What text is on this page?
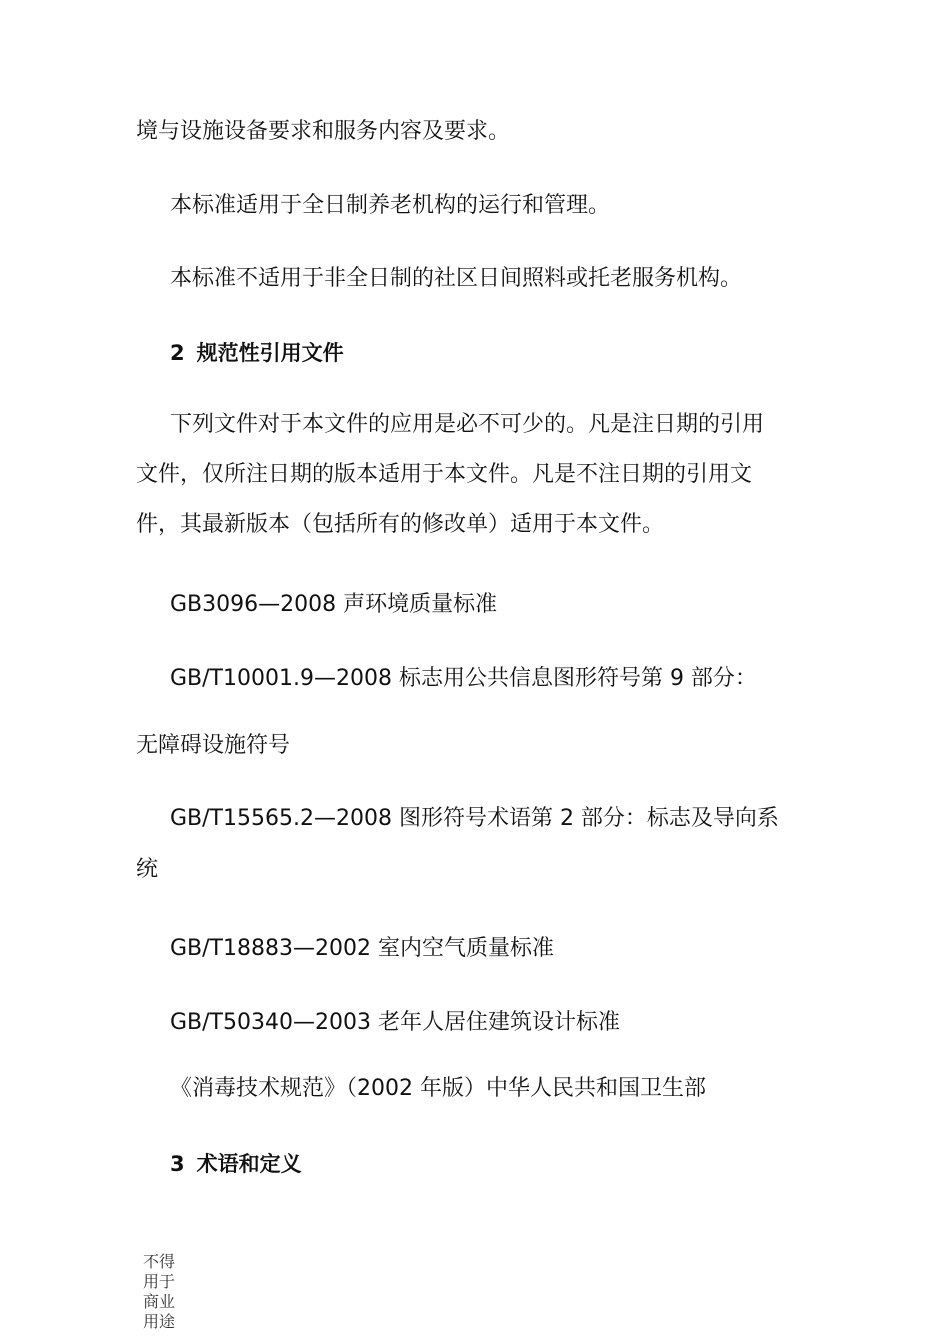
境与设施设备要求和服务内容及要求。

本标准适用于全日制养老机构的运行和管理。

本标准不适用于非全日制的社区日间照料或托老服务机构。

2 规范性引用文件

下列文件对于本文件的应用是必不可少的。凡是注日期的引用

文件，仅所注日期的版本适用于本文件。凡是不注日期的引用文

件，其最新版本（包括所有的修改单）适用于本文件。

GB3096—2008 声环境质量标准

GB/T10001.9—2008 标志用公共信息图形符号第 9 部分：

无障碍设施符号

GB/T15565.2—2008 图形符号术语第 2 部分：标志及导向系

统

GB/T18883—2002 室内空气质量标准

GB/T50340—2003 老年人居住建筑设计标准

《消毒技术规范》（2002 年版）中华人民共和国卫生部

3 术语和定义
不得用于商业用途
